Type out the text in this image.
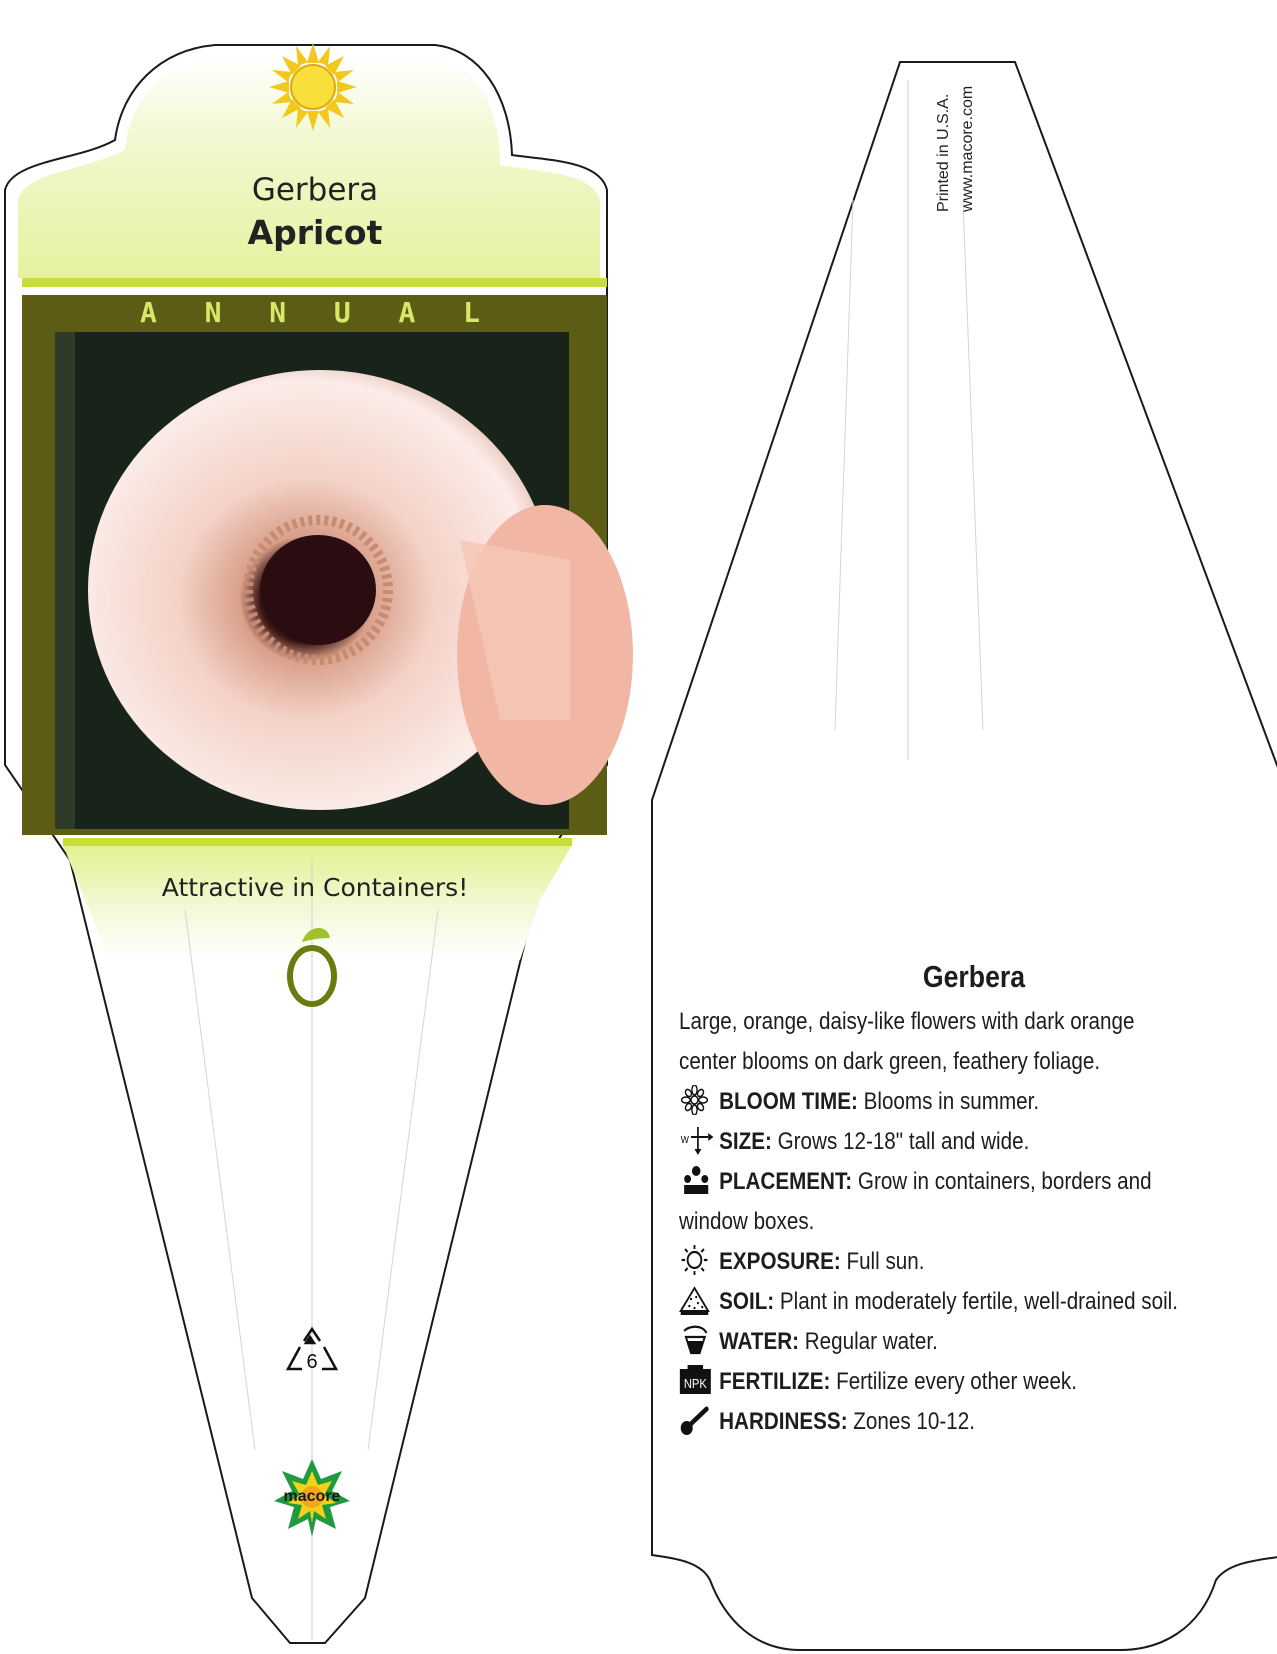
Gerbera
Apricot
A N N U A L
Attractive in Containers!
6
macore
Printed in U.S.A. www.macore.com
Gerbera
Large, orange, daisy-like flowers with dark orange
center blooms on dark green, feathery foliage.
BLOOM TIME: Blooms in summer.
W SIZE: Grows 12-18" tall and wide.
PLACEMENT: Grow in containers, borders and
window boxes.
EXPOSURE: Full sun.
SOIL: Plant in moderately fertile, well-drained soil.
WATER: Regular water.
NPK FERTILIZE: Fertilize every other week.
HARDINESS: Zones 10-12.
